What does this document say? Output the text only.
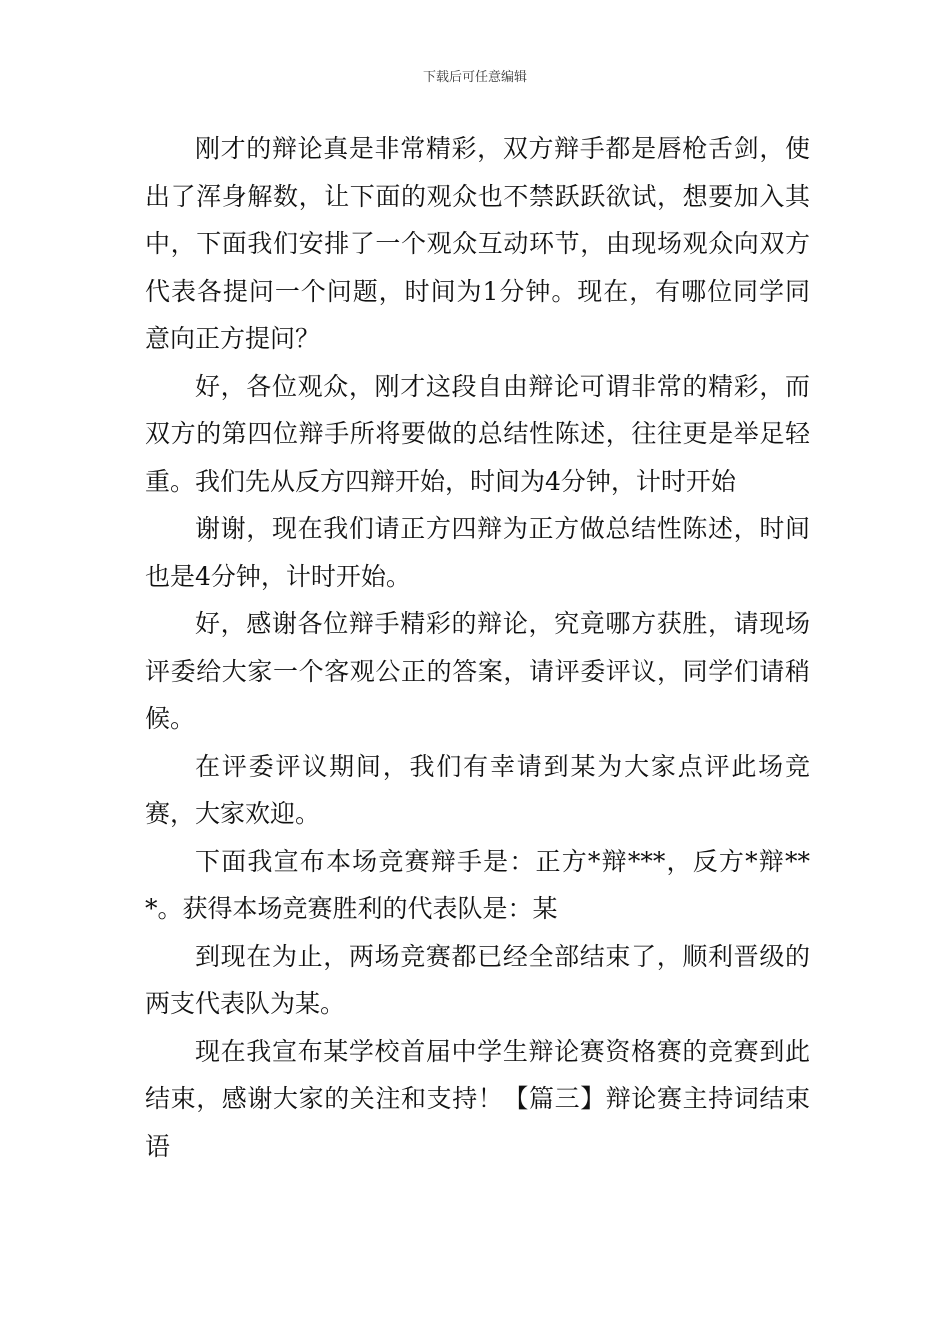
下载后可任意编辑

刚才的辩论真是非常精彩，双方辩手都是唇枪舌剑，使出了浑身解数，让下面的观众也不禁跃跃欲试，想要加入其中，下面我们安排了一个观众互动环节，由现场观众向双方代表各提问一个问题，时间为1分钟。现在，有哪位同学同意向正方提问？

好，各位观众，刚才这段自由辩论可谓非常的精彩，而双方的第四位辩手所将要做的总结性陈述，往往更是举足轻重。我们先从反方四辩开始，时间为4分钟，计时开始

谢谢，现在我们请正方四辩为正方做总结性陈述，时间也是4分钟，计时开始。

好，感谢各位辩手精彩的辩论，究竟哪方获胜，请现场评委给大家一个客观公正的答案，请评委评议，同学们请稍候。

在评委评议期间，我们有幸请到某为大家点评此场竞赛，大家欢迎。

下面我宣布本场竞赛辩手是：正方*辩***，反方*辩***。获得本场竞赛胜利的代表队是：某

到现在为止，两场竞赛都已经全部结束了，顺利晋级的两支代表队为某。

现在我宣布某学校首届中学生辩论赛资格赛的竞赛到此结束，感谢大家的关注和支持！【篇三】辩论赛主持词结束语
